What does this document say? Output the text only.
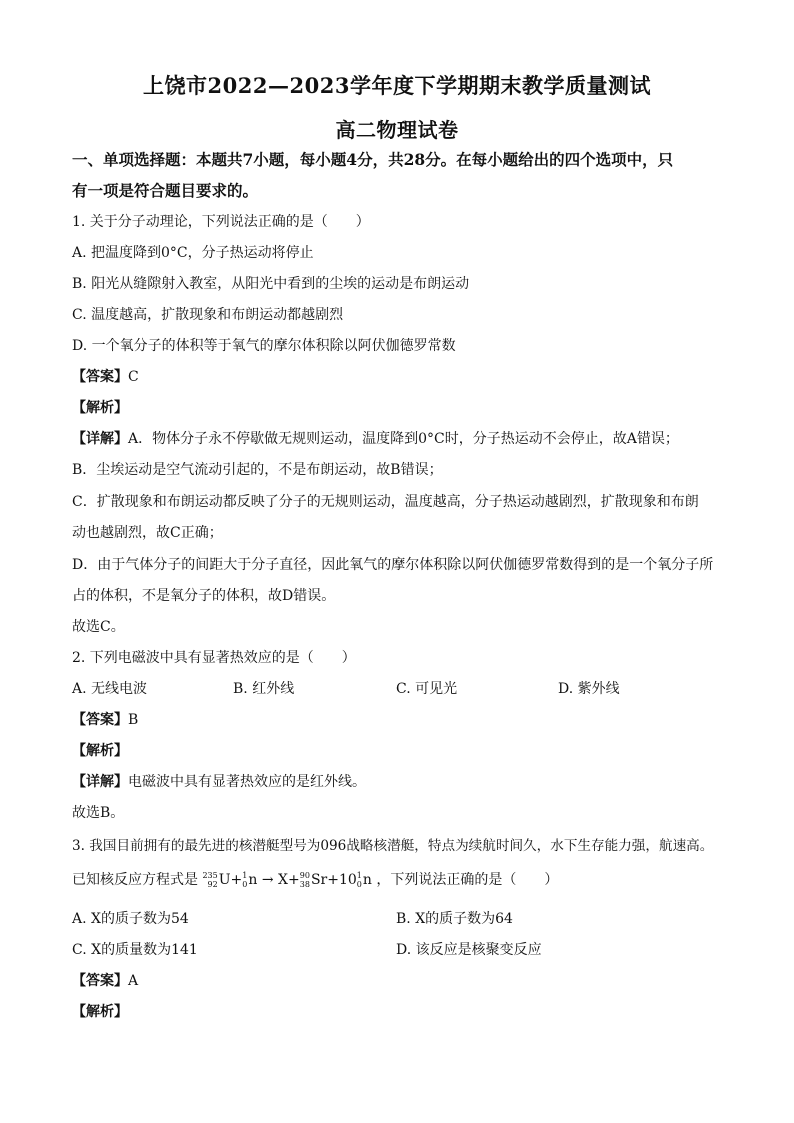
上饶市2022—2023学年度下学期期末教学质量测试
高二物理试卷
一、单项选择题：本题共7小题，每小题4分，共28分。在每小题给出的四个选项中，只
有一项是符合题目要求的。
1. 关于分子动理论，下列说法正确的是（　　）
A. 把温度降到0°C，分子热运动将停止
B. 阳光从缝隙射入教室，从阳光中看到的尘埃的运动是布朗运动
C. 温度越高，扩散现象和布朗运动都越剧烈
D. 一个氧分子的体积等于氧气的摩尔体积除以阿伏伽德罗常数
【答案】C
【解析】
【详解】A．物体分子永不停歇做无规则运动，温度降到0°C时，分子热运动不会停止，故A错误；
B．尘埃运动是空气流动引起的，不是布朗运动，故B错误；
C．扩散现象和布朗运动都反映了分子的无规则运动，温度越高，分子热运动越剧烈，扩散现象和布朗
动也越剧烈，故C正确；
D．由于气体分子的间距大于分子直径，因此氧气的摩尔体积除以阿伏伽德罗常数得到的是一个氧分子所
占的体积，不是氧分子的体积，故D错误。
故选C。
2. 下列电磁波中具有显著热效应的是（　　）
A. 无线电波	B. 红外线	C. 可见光	D. 紫外线
【答案】B
【解析】
【详解】电磁波中具有显著热效应的是红外线。
故选B。
3. 我国目前拥有的最先进的核潜艇型号为096战略核潜艇，特点为续航时间久，水下生存能力强，航速高。
已知核反应方程式是 235
92U+1
0n → X+90
38Sr+101
0n ，下列说法正确的是（　　）
A. X的质子数为54	B. X的质子数为64
C. X的质量数为141	D. 该反应是核聚变反应
【答案】A
【解析】
